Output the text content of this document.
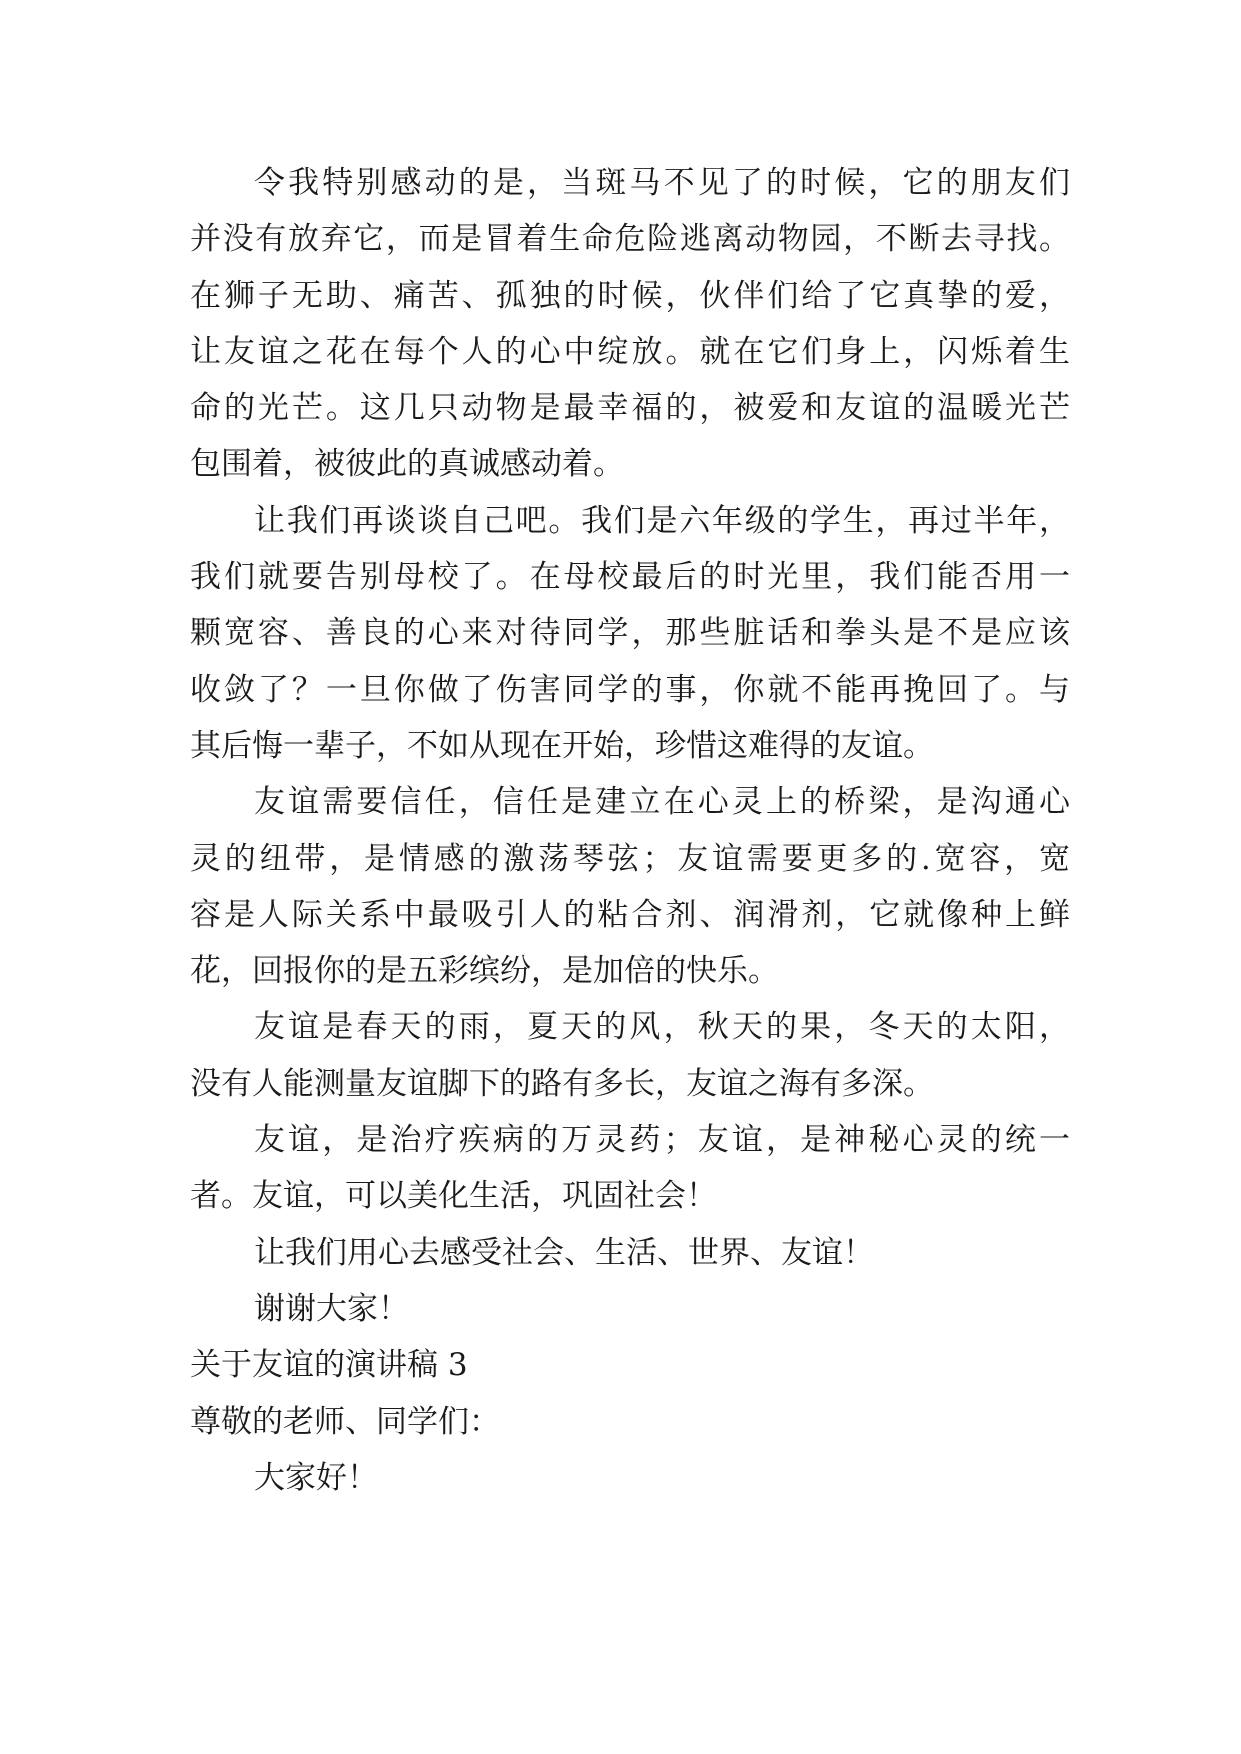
令我特别感动的是，当斑马不见了的时候，它的朋友们
并没有放弃它，而是冒着生命危险逃离动物园，不断去寻找。
在狮子无助、痛苦、孤独的时候，伙伴们给了它真挚的爱，
让友谊之花在每个人的心中绽放。就在它们身上，闪烁着生
命的光芒。这几只动物是最幸福的，被爱和友谊的温暖光芒
包围着，被彼此的真诚感动着。
让我们再谈谈自己吧。我们是六年级的学生，再过半年，
我们就要告别母校了。在母校最后的时光里，我们能否用一
颗宽容、善良的心来对待同学，那些脏话和拳头是不是应该
收敛了？一旦你做了伤害同学的事，你就不能再挽回了。与
其后悔一辈子，不如从现在开始，珍惜这难得的友谊。
友谊需要信任，信任是建立在心灵上的桥梁，是沟通心
灵的纽带，是情感的激荡琴弦；友谊需要更多的.宽容，宽
容是人际关系中最吸引人的粘合剂、润滑剂，它就像种上鲜
花，回报你的是五彩缤纷，是加倍的快乐。
友谊是春天的雨，夏天的风，秋天的果，冬天的太阳，
没有人能测量友谊脚下的路有多长，友谊之海有多深。
友谊，是治疗疾病的万灵药；友谊，是神秘心灵的统一
者。友谊，可以美化生活，巩固社会！
让我们用心去感受社会、生活、世界、友谊！
谢谢大家！
关于友谊的演讲稿 3
尊敬的老师、同学们：
大家好！
